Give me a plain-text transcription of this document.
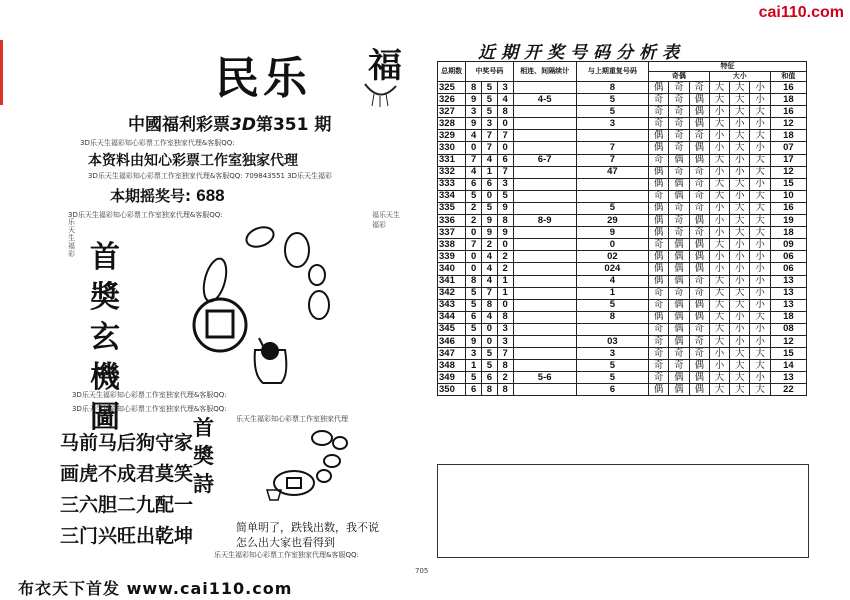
cai110.com
民乐 福
中國福利彩票3D第351 期
3D乐天生福彩知心彩票工作室独家代理&客服QQ:
本资料由知心彩票工作室独家代理
3D乐天生福彩知心彩票工作室独家代理&客服QQ: 709843551 3D乐天生福彩
本期摇奖号: 688
3D乐天生福彩知心彩票工作室独家代理&客服QQ:
乐天生福彩
福乐天生福彩
首
奬
玄
機
圖
3D乐天生福彩知心彩票工作室独家代理&客服QQ:
3D乐天生福彩知心彩票工作室独家代理&客服QQ:
马前马后狗守家
画虎不成君莫笑
三六胆二九配一
三门兴旺出乾坤
首
奬
詩
乐天生福彩知心彩票工作室独家代理
简单明了，跌钱出数，我不说
怎么出大家也看得到
乐天生福彩知心彩票工作室独家代理&客服QQ:
布衣天下首发 www.cai110.com
705
近期开奖号码分析表
总期数	中奖号码			相连、间隔续计	与上期重复号码	特征						
						奇偶			大小			和值
325	8	5	3		8	偶	奇	奇	大	大	小	16
326	9	5	4	4-5	5	奇	奇	偶	大	大	小	18
327	3	5	8		5	奇	奇	偶	小	大	大	16
328	9	3	0		3	奇	奇	偶	大	小	小	12
329	4	7	7			偶	奇	奇	小	大	大	18
330	0	7	0		7	偶	奇	偶	小	大	小	07
331	7	4	6	6-7	7	奇	偶	偶	大	小	大	17
332	4	1	7		47	偶	奇	奇	小	小	大	12
333	6	6	3			偶	偶	奇	大	大	小	15
334	5	0	5			奇	偶	奇	大	小	大	10
335	2	5	9		5	偶	奇	奇	小	大	大	16
336	2	9	8	8-9	29	偶	奇	偶	小	大	大	19
337	0	9	9		9	偶	奇	奇	小	大	大	18
338	7	2	0		0	奇	偶	偶	大	小	小	09
339	0	4	2		02	偶	偶	偶	小	小	小	06
340	0	4	2		024	偶	偶	偶	小	小	小	06
341	8	4	1		4	偶	偶	奇	大	小	小	13
342	5	7	1		1	奇	奇	奇	大	大	小	13
343	5	8	0		5	奇	偶	偶	大	大	小	13
344	6	4	8		8	偶	偶	偶	大	小	大	18
345	5	0	3			奇	偶	奇	大	小	小	08
346	9	0	3		03	奇	偶	奇	大	小	小	12
347	3	5	7		3	奇	奇	奇	小	大	大	15
348	1	5	8		5	奇	奇	偶	小	大	大	14
349	5	6	2	5-6	5	奇	偶	偶	大	大	小	13
350	6	8	8		6	偶	偶	偶	大	大	大	22
